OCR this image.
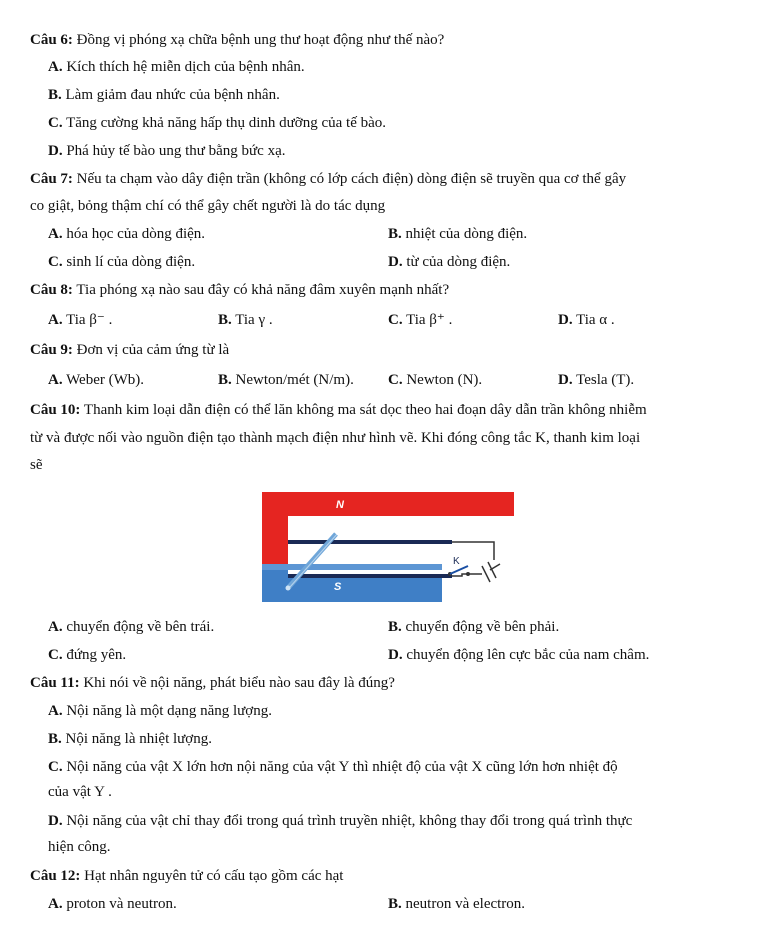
Câu 6: Đồng vị phóng xạ chữa bệnh ung thư hoạt động như thế nào?
A. Kích thích hệ miễn dịch của bệnh nhân.
B. Làm giảm đau nhức của bệnh nhân.
C. Tăng cường khả năng hấp thụ dinh dưỡng của tế bào.
D. Phá hủy tế bào ung thư bằng bức xạ.
Câu 7: Nếu ta chạm vào dây điện trần (không có lớp cách điện) dòng điện sẽ truyền qua cơ thể gây
co giật, bỏng thậm chí có thể gây chết người là do tác dụng
A. hóa học của dòng điện.	B. nhiệt của dòng điện.
C. sinh lí của dòng điện.	D. từ của dòng điện.
Câu 8: Tia phóng xạ nào sau đây có khả năng đâm xuyên mạnh nhất?
A. Tia β⁻ .	B. Tia γ .	C. Tia β⁺ .	D. Tia α .
Câu 9: Đơn vị của cảm ứng từ là
A. Weber (Wb).	B. Newton/mét (N/m). C. Newton (N).	D. Tesla (T).
Câu 10: Thanh kim loại dẫn điện có thể lăn không ma sát dọc theo hai đoạn dây dẫn trần không nhiễm
từ và được nối vào nguồn điện tạo thành mạch điện như hình vẽ. Khi đóng công tắc K, thanh kim loại
sẽ
K
N
S
A. chuyển động về bên trái.	B. chuyển động về bên phải.
C. đứng yên.	D. chuyển động lên cực bắc của nam châm.
Câu 11: Khi nói về nội năng, phát biểu nào sau đây là đúng?
A. Nội năng là một dạng năng lượng.
B. Nội năng là nhiệt lượng.
C. Nội năng của vật X lớn hơn nội năng của vật Y thì nhiệt độ của vật X cũng lớn hơn nhiệt độ
của vật Y .
D. Nội năng của vật chỉ thay đổi trong quá trình truyền nhiệt, không thay đổi trong quá trình thực
hiện công.
Câu 12: Hạt nhân nguyên tử có cấu tạo gồm các hạt
A. proton và neutron.	B. neutron và electron.
